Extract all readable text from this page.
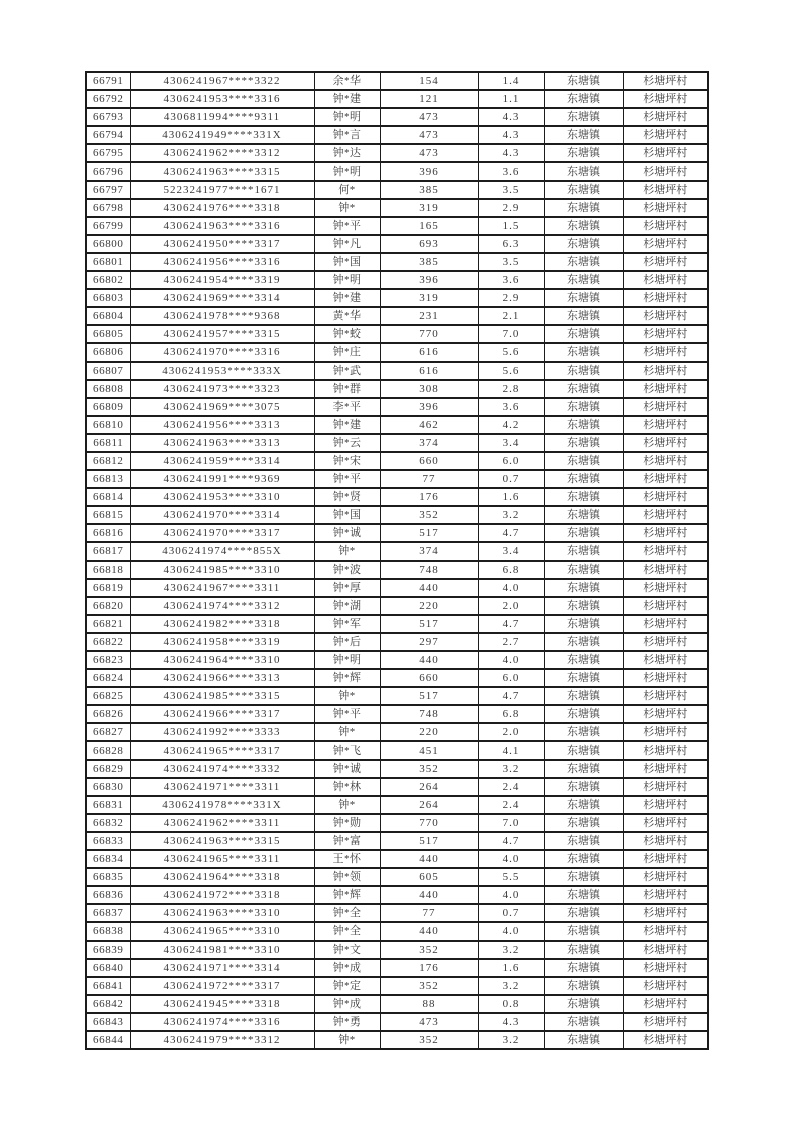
66791	4306241967****3322	余*华	154	1.4	东塘镇	杉塘坪村
66792	4306241953****3316	钟*建	121	1.1	东塘镇	杉塘坪村
66793	4306811994****9311	钟*明	473	4.3	东塘镇	杉塘坪村
66794	4306241949****331X	钟*言	473	4.3	东塘镇	杉塘坪村
66795	4306241962****3312	钟*达	473	4.3	东塘镇	杉塘坪村
66796	4306241963****3315	钟*明	396	3.6	东塘镇	杉塘坪村
66797	5223241977****1671	何*	385	3.5	东塘镇	杉塘坪村
66798	4306241976****3318	钟*	319	2.9	东塘镇	杉塘坪村
66799	4306241963****3316	钟*平	165	1.5	东塘镇	杉塘坪村
66800	4306241950****3317	钟*凡	693	6.3	东塘镇	杉塘坪村
66801	4306241956****3316	钟*国	385	3.5	东塘镇	杉塘坪村
66802	4306241954****3319	钟*明	396	3.6	东塘镇	杉塘坪村
66803	4306241969****3314	钟*建	319	2.9	东塘镇	杉塘坪村
66804	4306241978****9368	黄*华	231	2.1	东塘镇	杉塘坪村
66805	4306241957****3315	钟*蛟	770	7.0	东塘镇	杉塘坪村
66806	4306241970****3316	钟*庄	616	5.6	东塘镇	杉塘坪村
66807	4306241953****333X	钟*武	616	5.6	东塘镇	杉塘坪村
66808	4306241973****3323	钟*群	308	2.8	东塘镇	杉塘坪村
66809	4306241969****3075	李*平	396	3.6	东塘镇	杉塘坪村
66810	4306241956****3313	钟*建	462	4.2	东塘镇	杉塘坪村
66811	4306241963****3313	钟*云	374	3.4	东塘镇	杉塘坪村
66812	4306241959****3314	钟*宋	660	6.0	东塘镇	杉塘坪村
66813	4306241991****9369	钟*平	77	0.7	东塘镇	杉塘坪村
66814	4306241953****3310	钟*贤	176	1.6	东塘镇	杉塘坪村
66815	4306241970****3314	钟*国	352	3.2	东塘镇	杉塘坪村
66816	4306241970****3317	钟*诚	517	4.7	东塘镇	杉塘坪村
66817	4306241974****855X	钟*	374	3.4	东塘镇	杉塘坪村
66818	4306241985****3310	钟*波	748	6.8	东塘镇	杉塘坪村
66819	4306241967****3311	钟*厚	440	4.0	东塘镇	杉塘坪村
66820	4306241974****3312	钟*湖	220	2.0	东塘镇	杉塘坪村
66821	4306241982****3318	钟*军	517	4.7	东塘镇	杉塘坪村
66822	4306241958****3319	钟*后	297	2.7	东塘镇	杉塘坪村
66823	4306241964****3310	钟*明	440	4.0	东塘镇	杉塘坪村
66824	4306241966****3313	钟*辉	660	6.0	东塘镇	杉塘坪村
66825	4306241985****3315	钟*	517	4.7	东塘镇	杉塘坪村
66826	4306241966****3317	钟*平	748	6.8	东塘镇	杉塘坪村
66827	4306241992****3333	钟*	220	2.0	东塘镇	杉塘坪村
66828	4306241965****3317	钟*飞	451	4.1	东塘镇	杉塘坪村
66829	4306241974****3332	钟*诚	352	3.2	东塘镇	杉塘坪村
66830	4306241971****3311	钟*林	264	2.4	东塘镇	杉塘坪村
66831	4306241978****331X	钟*	264	2.4	东塘镇	杉塘坪村
66832	4306241962****3311	钟*勋	770	7.0	东塘镇	杉塘坪村
66833	4306241963****3315	钟*富	517	4.7	东塘镇	杉塘坪村
66834	4306241965****3311	王*怀	440	4.0	东塘镇	杉塘坪村
66835	4306241964****3318	钟*领	605	5.5	东塘镇	杉塘坪村
66836	4306241972****3318	钟*辉	440	4.0	东塘镇	杉塘坪村
66837	4306241963****3310	钟*全	77	0.7	东塘镇	杉塘坪村
66838	4306241965****3310	钟*全	440	4.0	东塘镇	杉塘坪村
66839	4306241981****3310	钟*文	352	3.2	东塘镇	杉塘坪村
66840	4306241971****3314	钟*成	176	1.6	东塘镇	杉塘坪村
66841	4306241972****3317	钟*定	352	3.2	东塘镇	杉塘坪村
66842	4306241945****3318	钟*成	88	0.8	东塘镇	杉塘坪村
66843	4306241974****3316	钟*勇	473	4.3	东塘镇	杉塘坪村
66844	4306241979****3312	钟*	352	3.2	东塘镇	杉塘坪村
